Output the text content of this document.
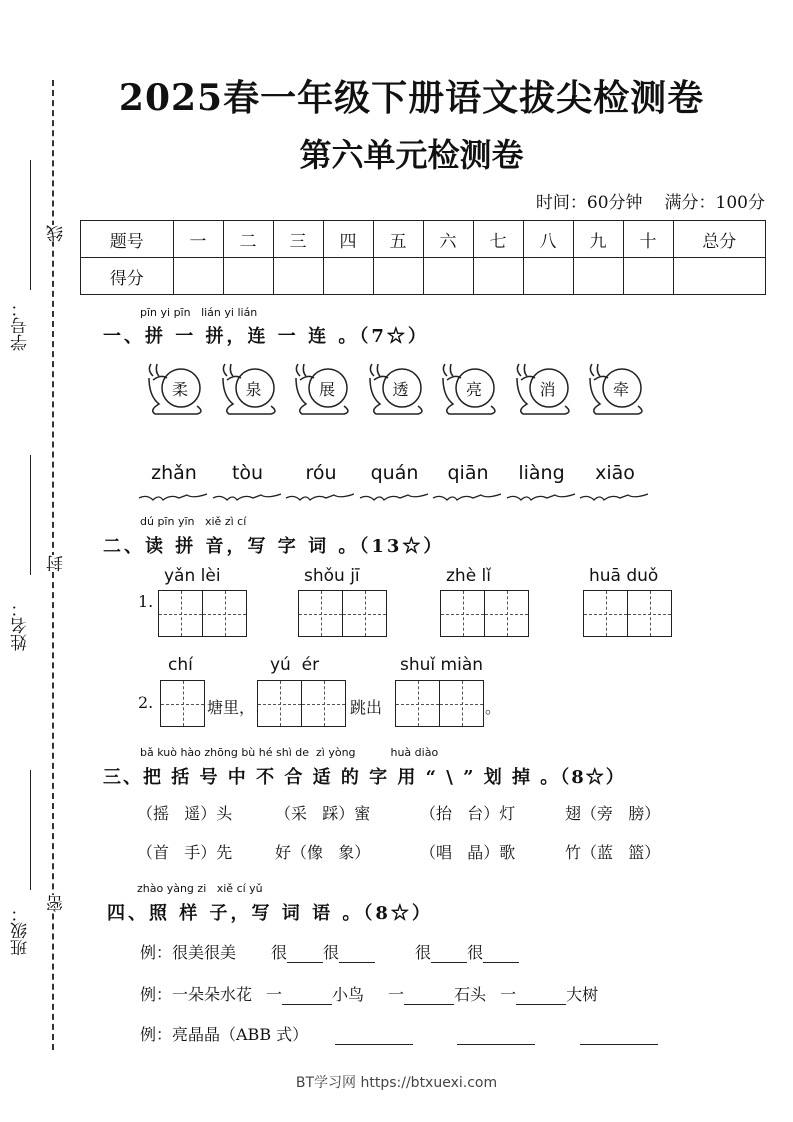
学号：
姓名：
班级：
线
封
密
2025春一年级下册语文拔尖检测卷
第六单元检测卷
时间：60分钟 满分：100分
题号	一	二	三	四	五	六	七	八	九	十	总分
得分											
pīn yi pīn   lián yi lián
一、拼 一 拼，连 一 连 。（7☆）
柔	泉	展	透	亮	消	牵
zhǎn	tòu	róu	quán	qiān	liàng	xiāo
dú pīn yīn   xiě zì cí
二、读 拼 音，写 字 词 。（13☆）
1.
yǎn lèi	shǒu jī	zhè lǐ	huā duǒ
2.
chí	yú  ér	shuǐ miàn
塘里，	跳出	。
bǎ kuò hào zhōng bù hé shì de  zì yòng          huà diào
三、把 括 号 中 不 合 适 的 字 用 “ \ ” 划 掉 。（8☆）
（摇   遥）头	（采   踩）蜜	（抬   台）灯	翅（旁   膀）
（首   手）先	好（像   象）	（唱   晶）歌	竹（蓝   篮）
zhào yàng zi   xiě cí yǔ
四、照 样 子，写 词 语 。（8☆）
例：很美很美 很 很	很 很
例：一朵朵水花 一	小鸟 一	石头 一	大树
例：亮晶晶（ABB 式）
BT学习网 https://btxuexi.com
